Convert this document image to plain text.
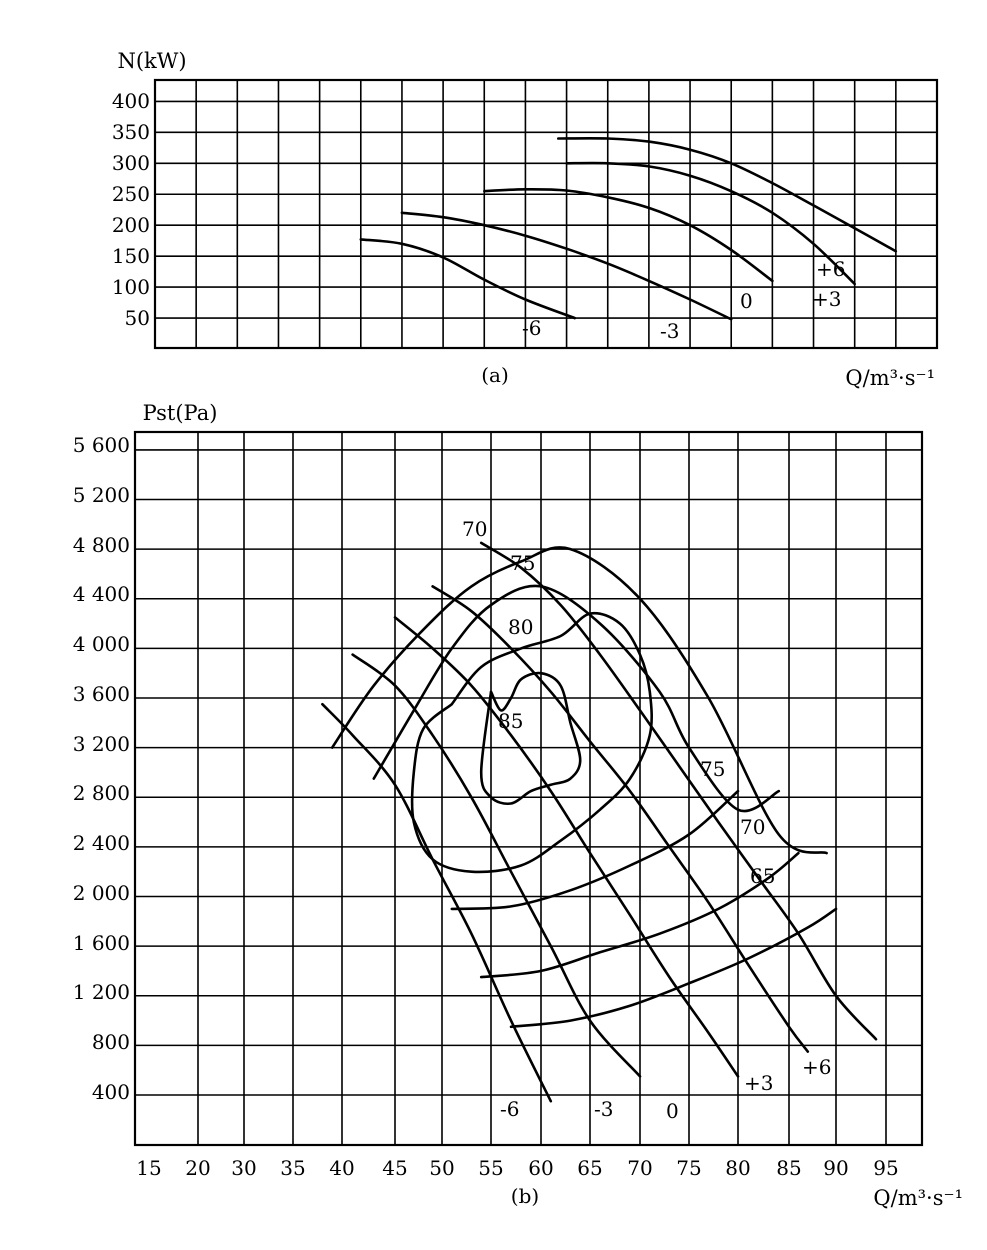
N(kW)
400
350
300
250
200
150
100
50	-6	-3
0	+3
+6
(a)	Q/m³·s⁻¹
Pst(Pa)
5 600
5 200
4 800
4 400
4 000
3 600
3 200
2 800
2 400
2 000
1 600
1 200
800
400
15 20 30 35 40 45 50 55 60 65 70 75 80 85 90 95
70
75
80
85
75
70
65
-6	-3	0
+3
+6
(b)	Q/m³·s⁻¹
